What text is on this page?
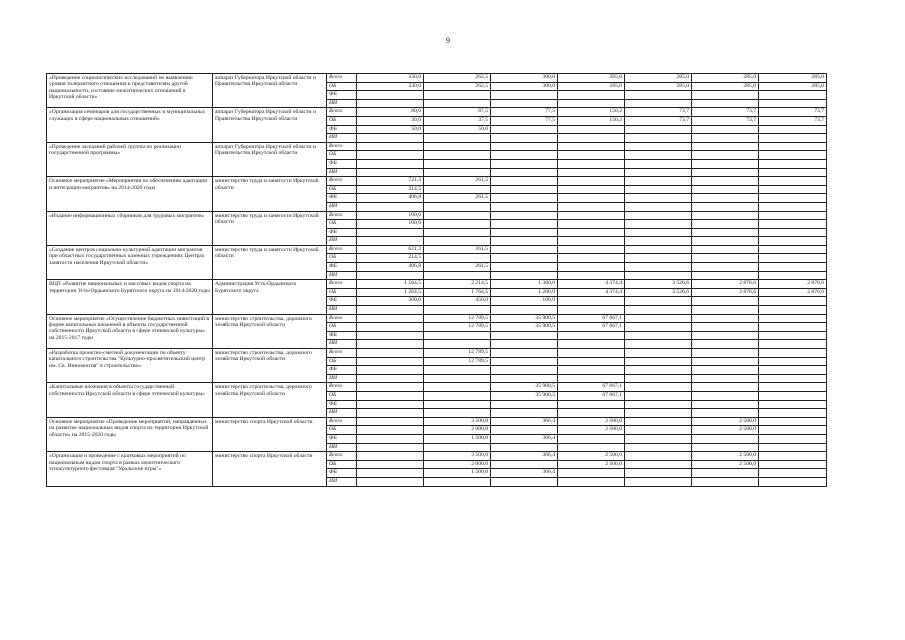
9
«Проведение социологических исследований по выявлению уровня толерантного отношения к представителям другой национальности, состояние межэтнических отношений в Иркутской области»	аппарат Губернатора Иркутской области и Правительства Иркутской области	Всего	330,0	262,5	300,0	285,0	285,0	285,0	285,0
		ОБ	330,0	262,5	300,0	285,0	285,0	285,0	285,0
		ФБ							
		ИИ							
«Организация семинаров для государственных и муниципальных служащих в сфере национальных отношений»	аппарат Губернатора Иркутской области и Правительства Иркутской области	Всего	80,0	87,5	77,5	150,2	73,7	73,7	73,7
		ОБ	30,0	37,5	77,5	150,2	73,7	73,7	73,7
		ФБ	50,0	50,0					
		ИИ							
«Проведение заседаний рабочей группы по реализации государственной программы»	аппарат Губернатора Иркутской области и Правительства Иркутской области	Всего							
		ОБ							
		ФБ							
		ИИ							
Основное мероприятие «Мероприятия по обеспечению адаптации и интеграции мигрантов» на 2014-2020 годы	министерство труда и занятости Иркутской области	Всего	721,3	261,5					
		ОБ	314,5						
		ФБ	406,8	261,5					
		ИИ							
«Издание информационных сборников для трудовых мигрантов»	министерство труда и занятости Иркутской области	Всего	100,0						
		ОБ	100,0						
		ФБ							
		ИИ							
«Создание центров социально-культурной адаптации мигрантов при областных государственных казенных учреждениях Центрах занятости населения Иркутской области»	министерство труда и занятости Иркутской области	Всего	621,3	261,5					
		ОБ	214,5						
		ФБ	406,8	261,5					
		ИИ							
ВЦП «Развитие национальных и массовых видов спорта на территории Усть-Ордынского Бурятского округа на 2014-2020 годы	Администрация Усть-Ордынского Бурятского округа	Всего	1 564,5	2 214,5	1 380,0	4 374,4	3 526,6	2 876,6	2 876,6
		ОБ	1 264,5	1 764,5	1 280,0	4 374,4	3 526,6	2 876,6	2 876,6
		ФБ	300,0	450,0	100,0				
		ИИ							
Основное мероприятие «Осуществление бюджетных инвестиций в форме капитальных вложений в объекты государственной собственности Иркутской области в сфере этнической культуры» на 2015-2017 годы	министерство строительства, дорожного хозяйства Иркутской области	Всего		12 789,5	35 900,5	67 667,1			
		ОБ		12 789,5	35 900,5	67 667,1			
		ФБ							
		ИИ							
«Разработка проектно-сметной документации по объекту капитального строительства "Культурно-просветительский центр им. Св. Иннокентия" в строительство»	министерство строительства, дорожного хозяйства Иркутской области	Всего		12 789,5					
		ОБ		12 789,5					
		ФБ							
		ИИ							
«Капитальные вложения в объекты государственной собственности Иркутской области в сфере этнической культуры»	министерство строительства, дорожного хозяйства Иркутской области	Всего			35 900,5	67 667,1			
		ОБ			35 900,5	67 667,1			
		ФБ							
		ИИ							
Основное мероприятие «Проведение мероприятий, направленных на развитие национальных видов спорта на территории Иркутской области» на 2015-2020 годы	министерство спорта Иркутской области	Всего		3 500,0	366,4	2 500,0		2 500,0	
		ОБ		2 000,0		2 500,0		2 500,0	
		ФБ		1 500,0	366,4				
		ИИ							
«Организация и проведение с кратковых мероприятий по национальным видам спорта в рамках межэтнического этнокультурного фестиваля "Уральские игры"»	министерство спорта Иркутской области	Всего		3 500,0	366,4	2 500,0		2 500,0	
		ОБ		2 000,0		2 500,0		2 500,0	
		ФБ		1 500,0	366,4				
		ИИ							
